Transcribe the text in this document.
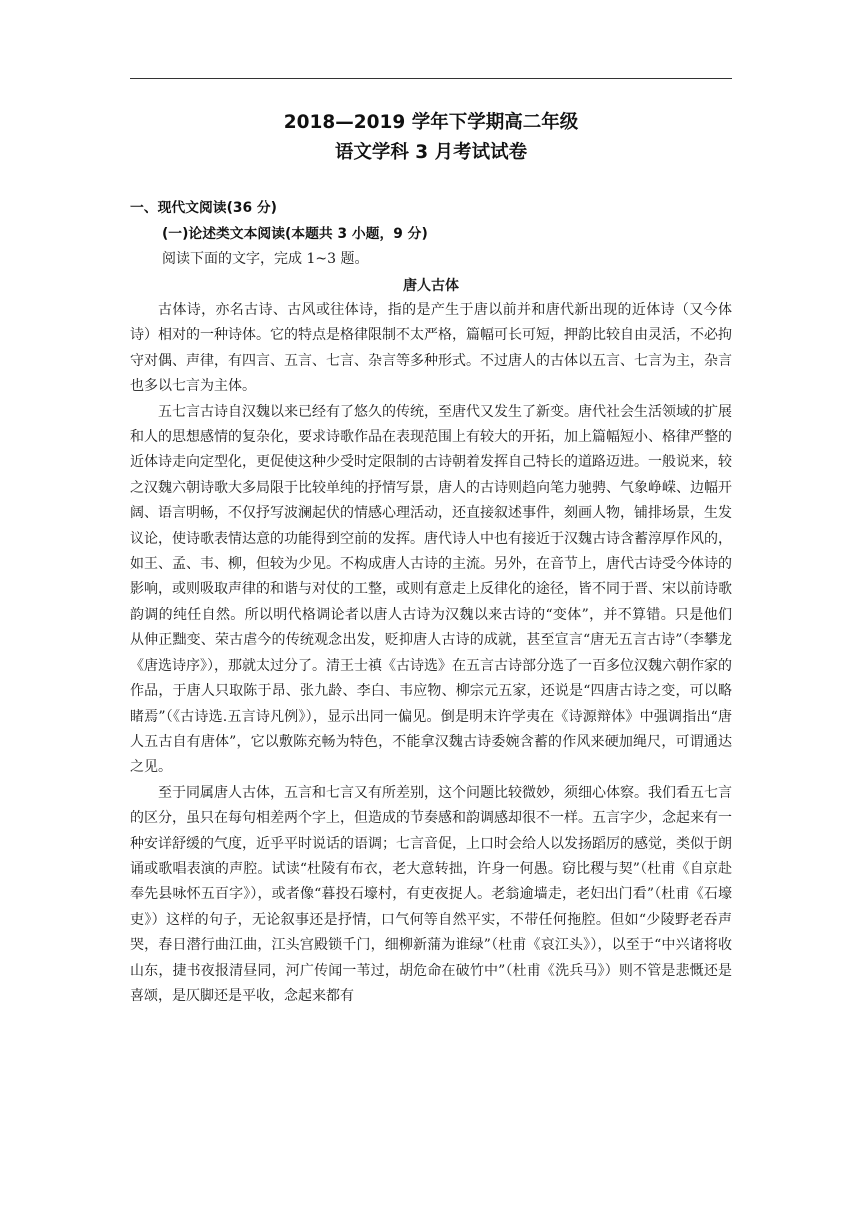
2018—2019 学年下学期高二年级
语文学科 3 月考试试卷
一、现代文阅读(36 分)
(一)论述类文本阅读(本题共 3 小题，9 分)
阅读下面的文字，完成 1~3 题。
唐人古体

古体诗，亦名古诗、古风或往体诗，指的是产生于唐以前并和唐代新出现的近体诗（又今体诗）相对的一种诗体。它的特点是格律限制不太严格，篇幅可长可短，押韵比较自由灵活，不必拘守对偶、声律，有四言、五言、七言、杂言等多种形式。不过唐人的古体以五言、七言为主，杂言也多以七言为主体。

五七言古诗自汉魏以来已经有了悠久的传统，至唐代又发生了新变。唐代社会生活领域的扩展和人的思想感情的复杂化，要求诗歌作品在表现范围上有较大的开拓，加上篇幅短小、格律严整的近体诗走向定型化，更促使这种少受时定限制的古诗朝着发挥自己特长的道路迈进。一般说来，较之汉魏六朝诗歌大多局限于比较单纯的抒情写景，唐人的古诗则趋向笔力驰骋、气象峥嵘、边幅开阔、语言明畅，不仅抒写波澜起伏的情感心理活动，还直接叙述事件，刻画人物，铺排场景，生发议论，使诗歌表情达意的功能得到空前的发挥。唐代诗人中也有接近于汉魏古诗含蓄淳厚作风的，如王、孟、韦、柳，但较为少见。不构成唐人古诗的主流。另外，在音节上，唐代古诗受今体诗的影响，或则吸取声律的和谐与对仗的工整，或则有意走上反律化的途径，皆不同于晋、宋以前诗歌韵调的纯任自然。所以明代格调论者以唐人古诗为汉魏以来古诗的“变体”，并不算错。只是他们从伸正黜变、荣古虐今的传统观念出发，贬抑唐人古诗的成就，甚至宣言“唐无五言古诗”（李攀龙《唐选诗序》），那就太过分了。清王士禛《古诗选》在五言古诗部分选了一百多位汉魏六朝作家的作品，于唐人只取陈于昂、张九龄、李白、韦应物、柳宗元五家，还说是“四唐古诗之变，可以略睹焉”（《古诗选.五言诗凡例》），显示出同一偏见。倒是明末许学夷在《诗源辩体》中强调指出“唐人五古自有唐体”，它以敷陈充畅为特色，不能拿汉魏古诗委婉含蓄的作风来硬加绳尺，可谓通达之见。

至于同属唐人古体，五言和七言又有所差别，这个问题比较微妙，须细心体察。我们看五七言的区分，虽只在每句相差两个字上，但造成的节奏感和韵调感却很不一样。五言字少，念起来有一种安详舒缓的气度，近乎平时说话的语调；七言音促，上口时会给人以发扬蹈厉的感觉，类似于朗诵或歌唱表演的声腔。试读“杜陵有布衣，老大意转拙，许身一何愚。窃比稷与契”（杜甫《自京赴奉先县咏怀五百字》），或者像“暮投石壕村，有吏夜捉人。老翁逾墙走，老妇出门看”（杜甫《石壕吏》）这样的句子，无论叙事还是抒情，口气何等自然平实，不带任何拖腔。但如“少陵野老吞声哭，春日潜行曲江曲，江头宫殿锁千门，细柳新蒲为谁绿”（杜甫《哀江头》），以至于“中兴诸将收山东，捷书夜报清昼同，河广传闻一苇过，胡危命在破竹中”（杜甫《洗兵马》）则不管是悲慨还是喜颂，是仄脚还是平收，念起来都有
